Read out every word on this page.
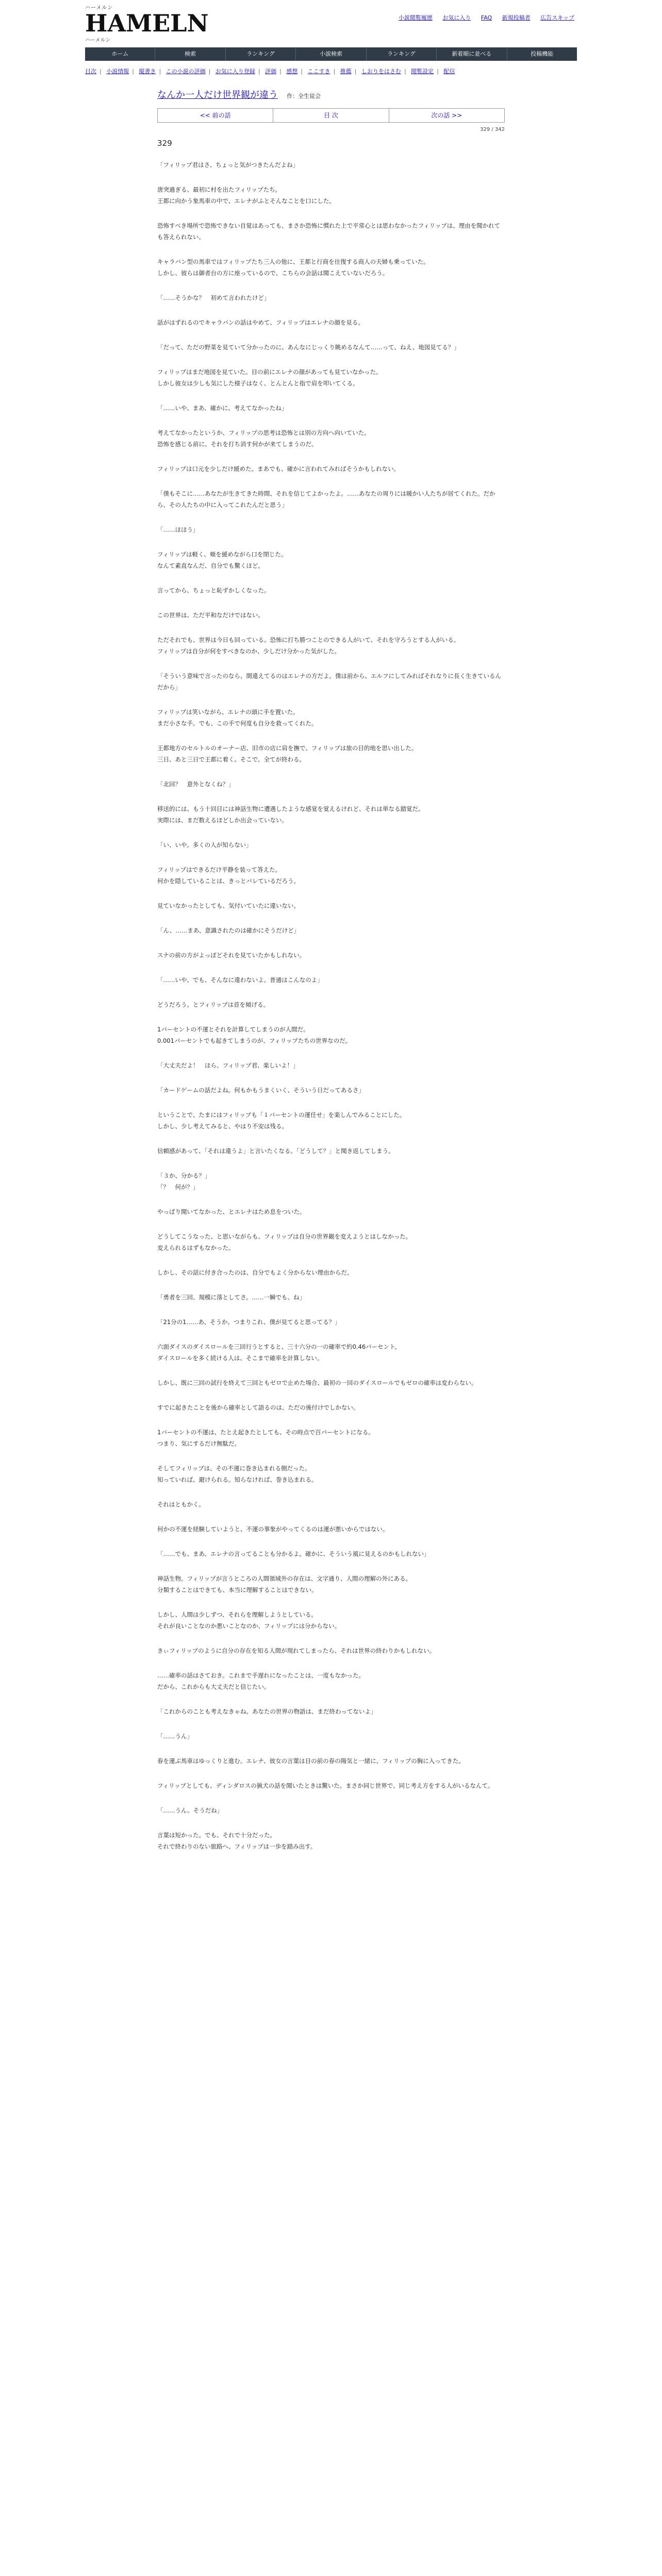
ハーメルン
HAMELN
ハーメルン
小説閲覧履歴 お気に入り FAQ 新規投稿者 広告スキップ
ホーム	検索	ランキング	小説検索	ランキング	新着順に並べる	投稿機能
目次 | 小説情報 | 縦書き | この小説の評価 | お気に入り登録 | 評価 | 感想 | ここすき | 推薦 | しおりをはさむ | 閲覧設定 | 配信
なんか一人だけ世界観が違う 作：全生徒会
<< 前の話	目 次	次の話 >>
329 / 342
329

「フィリップ君はさ、ちょっと気がつきたんだよね」

唐突過ぎる、最初に村を出たフィリップたち。
王都に向かう象馬車の中で、エレナがふとそんなことを口にした。

恐怖すべき場所で恐怖できない自覚はあっても、まさか恐怖に慣れた上で平常心とは思わなかったフィリップは、理由を聞かれても答えられない。

キャラバン型の馬車ではフィリップたち三人の他に、王都と行商を往復する商人の夫婦も乗っていた。
しかし、彼らは御者台の方に座っているので、こちらの会話は聞こえていないだろう。

「……そうかな？　初めて言われたけど」

話がはずれるのでキャラバンの話はやめて、フィリップはエレナの顔を見る。

「だって、ただの野菜を見ていて分かったのに、あんなにじっくり眺めるなんて……って、ねえ、地図見てる？」

フィリップはまだ地図を見ていた。目の前にエレナの顔があっても見ていなかった。
しかし彼女は少しも気にした様子はなく、とんとんと指で肩を叩いてくる。

「……いや、まあ、確かに、考えてなかったね」

考えてなかったというか、フィリップの思考は恐怖とは別の方向へ向いていた。
恐怖を感じる前に、それを打ち消す何かが来てしまうのだ。

フィリップは口元を少しだけ緩めた。まあでも、確かに言われてみればそうかもしれない。

「僕もそこに……あなたが生きてきた時間、それを信じてよかったよ。……あなたの周りには暖かい人たちが居てくれた。だから、その人たちの中に入ってこれたんだと思う」

「……ほほう」

フィリップは軽く、頬を緩めながら口を閉じた。
なんて素直なんだ、自分でも驚くほど。

言ってから、ちょっと恥ずかしくなった。

この世界は、ただ平和なだけではない。

ただそれでも、世界は今日も回っている。恐怖に打ち勝つことのできる人がいて、それを守ろうとする人がいる。
フィリップは自分が何をすべきなのか、少しだけ分かった気がした。

「そういう意味で言ったのなら、間違えてるのはエレナの方だよ。僕は前から、エルフにしてみればそれなりに長く生きているんだから」

フィリップは笑いながら、エレナの頭に手を置いた。
まだ小さな手。でも、この手で何度も自分を救ってくれた。

王都地方のセルトルのオーナー店、旧市の店に肩を撫で、フィリップは旅の目的地を思い出した。
三日、あと三日で王都に着く。そこで、全てが終わる。

「北回？　意外となくね？」

移送的には、もう十回目には神話生物に遭遇したような感覚を覚えるけれど、それは単なる錯覚だ。
実際には、まだ数えるほどしか出会っていない。

「い、いや。多くの人が知らない」

フィリップはできるだけ平静を装って答えた。
何かを隠していることは、きっとバレているだろう。

見ていなかったとしても、気付いていたに違いない。

「ん、……まあ、意識されたのは確かにそうだけど」

スナの前の方がよっぽどそれを見ていたかもしれない。

「……いや、でも、そんなに違わないよ。普通はこんなのよ」

どうだろう。とフィリップは首を傾げる。

1パーセントの不運とそれを計算してしまうのが人間だ。
0.001パーセントでも起きてしまうのが、フィリップたちの世界なのだ。

「大丈夫だよ！　ほら、フィリップ君、楽しいよ！」

「カードゲームの話だよね。何もかもうまくいく、そういう日だってあるさ」

ということで、たまにはフィリップも「１パーセントの運任せ」を楽しんでみることにした。
しかし、少し考えてみると、やはり不安は残る。

信頼感があって、「それは違うよ」と言いたくなる。「どうして？」と聞き返してしまう。

「３か、分かる？」
「？　何が？」

やっぱり聞いてなかった、とエレナはため息をついた。

どうしてこうなった、と思いながらも、フィリップは自分の世界観を変えようとはしなかった。
変えられるはずもなかった。

しかし、その話に付き合ったのは、自分でもよく分からない理由からだ。

「勇者を三回、規模に落としてさ。……一瞬でも、ね」

「21分の1……あ、そうか。つまりこれ、僕が見てると思ってる？」

六面ダイスのダイスロールを三回行うとすると、三十六分の一の確率で約0.46パーセント。
ダイスロールを多く続ける人は、そこまで確率を計算しない。

しかし、既に三回の試行を終えて三回ともゼロで止めた場合、最初の一回のダイスロールでもゼロの確率は変わらない。

すでに起きたことを後から確率として語るのは、ただの後付けでしかない。

1パーセントの不運は、たとえ起きたとしても、その時点で百パーセントになる。
つまり、気にするだけ無駄だ。

そしてフィリップは、その不運に巻き込まれる側だった。
知っていれば、避けられる。知らなければ、巻き込まれる。

それはともかく。

何かの不運を経験していようと、不運の事象がやってくるのは運が悪いからではない。

「……でも、まあ、エレナの言ってることも分かるよ。確かに、そういう風に見えるのかもしれない」

神話生物。フィリップが言うところの人間領域外の存在は、文字通り、人間の理解の外にある。
分類することはできても、本当に理解することはできない。

しかし、人間は少しずつ、それらを理解しようとしている。
それが良いことなのか悪いことなのか、フィリップには分からない。

きぃフィリップのように自分の存在を知る人間が現れてしまったら、それは世界の終わりかもしれない。

……確率の話はさておき。これまで手遅れになったことは、一度もなかった。
だから、これからも大丈夫だと信じたい。

「これからのことも考えなきゃね。あなたの世界の物語は、まだ終わってないよ」

「……うん」

春を運ぶ馬車はゆっくりと進む。エレナ、彼女の言葉は目の前の春の陽気と一緒に、フィリップの胸に入ってきた。

フィリップとしても、ディンダロスの猟犬の話を聞いたときは驚いた。まさか同じ世界で、同じ考え方をする人がいるなんて。

「……うん。そうだね」

言葉は短かった。でも、それで十分だった。
それで終わりのない旅路へ、フィリップは一歩を踏み出す。
